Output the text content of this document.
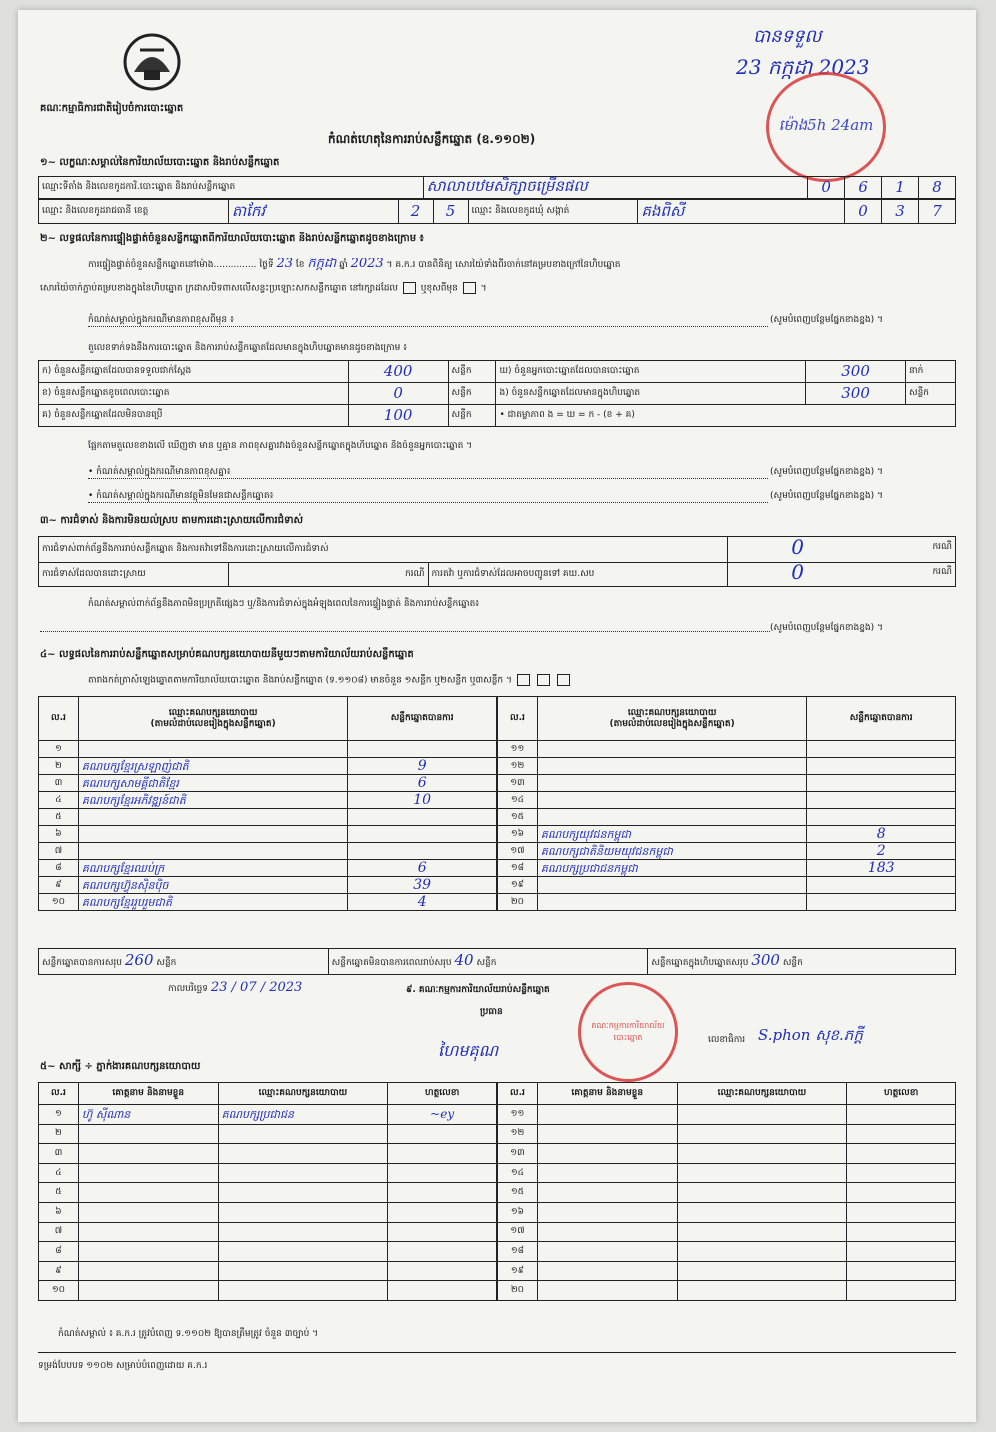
គណៈកម្មាធិការជាតិរៀបចំការបោះឆ្នោត
បានទទួល
23 កក្កដា 2023
ម៉ោង5h 24am
កំណត់ហេតុនៃការរាប់សន្លឹកឆ្នោត (ឧ.១១០២)
១~ លក្ខណៈសម្គាល់នៃការិយាល័យបោះឆ្នោត និងរាប់សន្លឹកឆ្នោត
ឈ្មោះទីតាំង និងលេខកូដការិ.បោះឆ្នោត និងរាប់សន្លឹកឆ្នោត	សាលាបឋមសិក្សាចម្រើនផល	0	6	1	8
ឈ្មោះ និងលេខកូដរាជធានី ខេត្ត	តាកែវ	2	5	ឈ្មោះ និងលេខកូដឃុំ សង្កាត់	គងពិសី	0	3	7
២~ លទ្ធផលនៃការផ្ទៀងផ្ទាត់ចំនួនសន្លឹកឆ្នោតពីការិយាល័យបោះឆ្នោត និងរាប់សន្លឹកឆ្នោតដូចខាងក្រោម ៖
ការផ្ទៀងផ្ទាត់ចំនួនសន្លឹកឆ្នោតនៅម៉ោង............... ថ្ងៃទី 23 ខែ កក្កដា ឆ្នាំ 2023 ។ គ.ក.រ បានពិនិត្យ សោរយ៉ៃទាំងពីរចាក់នៅគម្របខាងក្រៅនៃហិបឆ្នោត
សោរយ៉ៃចាក់ភ្ជាប់គម្របខាងក្នុងនៃហិបឆ្នោត ក្រដាសបិទពាសលើសន្ទះប្រឡោះសកសន្លឹកឆ្នោត នៅរក្សាដដែល	ឬខុសពីមុន  ។
កំណត់សម្គាល់ក្នុងករណីមានភាពខុសពីមុន ៖	(សូមបំពេញបន្ថែមផ្នែកខាងខ្នង) ។
តួលេខទាក់ទងនឹងការបោះឆ្នោត និងការរាប់សន្លឹកឆ្នោតដែលមានក្នុងហិបឆ្នោតមានដូចខាងក្រោម ៖
ក) ចំនួនសន្លឹកឆ្នោតដែលបានទទួលជាក់ស្តែង	400	សន្លឹក	ឃ) ចំនួនអ្នកបោះឆ្នោតដែលបានបោះឆ្នោត	300	នាក់
ខ) ចំនួនសន្លឹកឆ្នោតខូចពេលបោះឆ្នោត	0	សន្លឹក	ង) ចំនួនសន្លឹកឆ្នោតដែលមានក្នុងហិបឆ្នោត	300	សន្លឹក
គ) ចំនួនសន្លឹកឆ្នោតដែលមិនបានប្រើ	100	សន្លឹក	• ជាតម្លាភាព ង = ឃ = ក - (ខ + គ)		
ផ្អែកតាមតួលេខខាងលើ ឃើញថា មាន ឬគ្មាន ភាពខុសគ្នារវាងចំនួនសន្លឹកឆ្នោតក្នុងហិបឆ្នោត និងចំនួនអ្នកបោះឆ្នោត ។
• កំណត់សម្គាល់ក្នុងករណីមានភាពខុសគ្នា៖	(សូមបំពេញបន្ថែមផ្នែកខាងខ្នង) ។
• កំណត់សម្គាល់ក្នុងករណីមានវត្ថុមិនមែនជាសន្លឹកឆ្នោត៖	(សូមបំពេញបន្ថែមផ្នែកខាងខ្នង) ។
៣~ ការជំទាស់ និងការមិនយល់ស្រប តាមការដោះស្រាយលើការជំទាស់
ការជំទាស់ពាក់ព័ន្ធនឹងការរាប់សន្លឹកឆ្នោត និងការតវ៉ាទៅនឹងការដោះស្រាយលើការជំទាស់			0 ករណី

ការជំទាស់ដែលបានដោះស្រាយ	ករណី	ការតវ៉ា ឬការជំទាស់ដែលអាចបញ្ជូនទៅ គឃ.សប	0 ករណី
កំណត់សម្គាល់ពាក់ព័ន្ធនឹងភាពមិនប្រក្រតីផ្សេងៗ ឬ/និងការជំទាស់ក្នុងអំឡុងពេលនៃការផ្ទៀងផ្ទាត់ និងការរាប់សន្លឹកឆ្នោត៖
(សូមបំពេញបន្ថែមផ្នែកខាងខ្នង) ។
៤~ លទ្ធផលនៃការរាប់សន្លឹកឆ្នោតសម្រាប់គណបក្សនយោបាយនីមួយៗតាមការិយាល័យរាប់សន្លឹកឆ្នោត
តារាងកត់ត្រាសំឡេងឆ្នោតតាមការិយាល័យបោះឆ្នោត និងរាប់សន្លឹកឆ្នោត (ទ.១១០៨) មានចំនួន ១សន្លឹក ឬ២សន្លឹក ឬ៣សន្លឹក ។
ល.រ	ឈ្មោះគណបក្សនយោបាយ
(តាមលំដាប់លេខរៀងក្នុងសន្លឹកឆ្នោត)	សន្លឹកឆ្នោតបានការ
១		
២	គណបក្សខ្មែរស្រឡាញ់ជាតិ	9
៣	គណបក្សសាមគ្គីជាតិខ្មែរ	6
៤	គណបក្សខ្មែរអភិវឌ្ឍន៍ជាតិ	10
៥		
៦		
៧		
៨	គណបក្សខ្មែរឈប់ក្រ	6
៩	គណបក្សហ៊្វុនស៊ិនប៉ិច	39
១០	គណបក្សខ្មែររួបរួមជាតិ	4
ល.រ	ឈ្មោះគណបក្សនយោបាយ
(តាមលំដាប់លេខរៀងក្នុងសន្លឹកឆ្នោត)	សន្លឹកឆ្នោតបានការ
១១		
១២		
១៣		
១៤		
១៥		
១៦	គណបក្សយុវជនកម្ពុជា	8
១៧	គណបក្សជាតិនិយមយុវជនកម្ពុជា	2
១៨	គណបក្សប្រជាជនកម្ពុជា	183
១៩		
២០		
សន្លឹកឆ្នោតបានការសរុប 260 សន្លឹក	សន្លឹកឆ្នោតមិនបានការពេលរាប់សរុប 40 សន្លឹក	សន្លឹកឆ្នោតក្នុងហិបឆ្នោតសរុប 300 សន្លឹក
កាលបរិច្ឆេទ 23 / 07 / 2023	៩. គណៈកម្មការការិយាល័យរាប់សន្លឹកឆ្នោត
ប្រធាន
ហៃមគុណ
គណៈកម្មការការិយាល័យបោះឆ្នោត	លេខាធិការ S.phon សុខ.ភក្តី
៥~ សាក្សី ÷ ភ្នាក់ងារគណបក្សនយោបាយ
ល.រ	គោត្តនាម និងនាមខ្លួន	ឈ្មោះគណបក្សនយោបាយ	ហត្ថលេខា
១	ហ៊ូ ស៊ីណាន	គណបក្សប្រជាជន	~ey
២			
៣			
៤			
៥			
៦			
៧			
៨			
៩			
១០			
ល.រ	គោត្តនាម និងនាមខ្លួន	ឈ្មោះគណបក្សនយោបាយ	ហត្ថលេខា
១១			
១២			
១៣			
១៤			
១៥			
១៦			
១៧			
១៨			
១៩			
២០			
កំណត់សម្គាល់ ៖ គ.ក.រ ត្រូវបំពេញ ទ.១១០២ ឱ្យបានត្រឹមត្រូវ ចំនួន ៣ច្បាប់ ។
ទម្រង់បែបបទ ១១០២ សម្រាប់បំពេញដោយ គ.ក.រ
